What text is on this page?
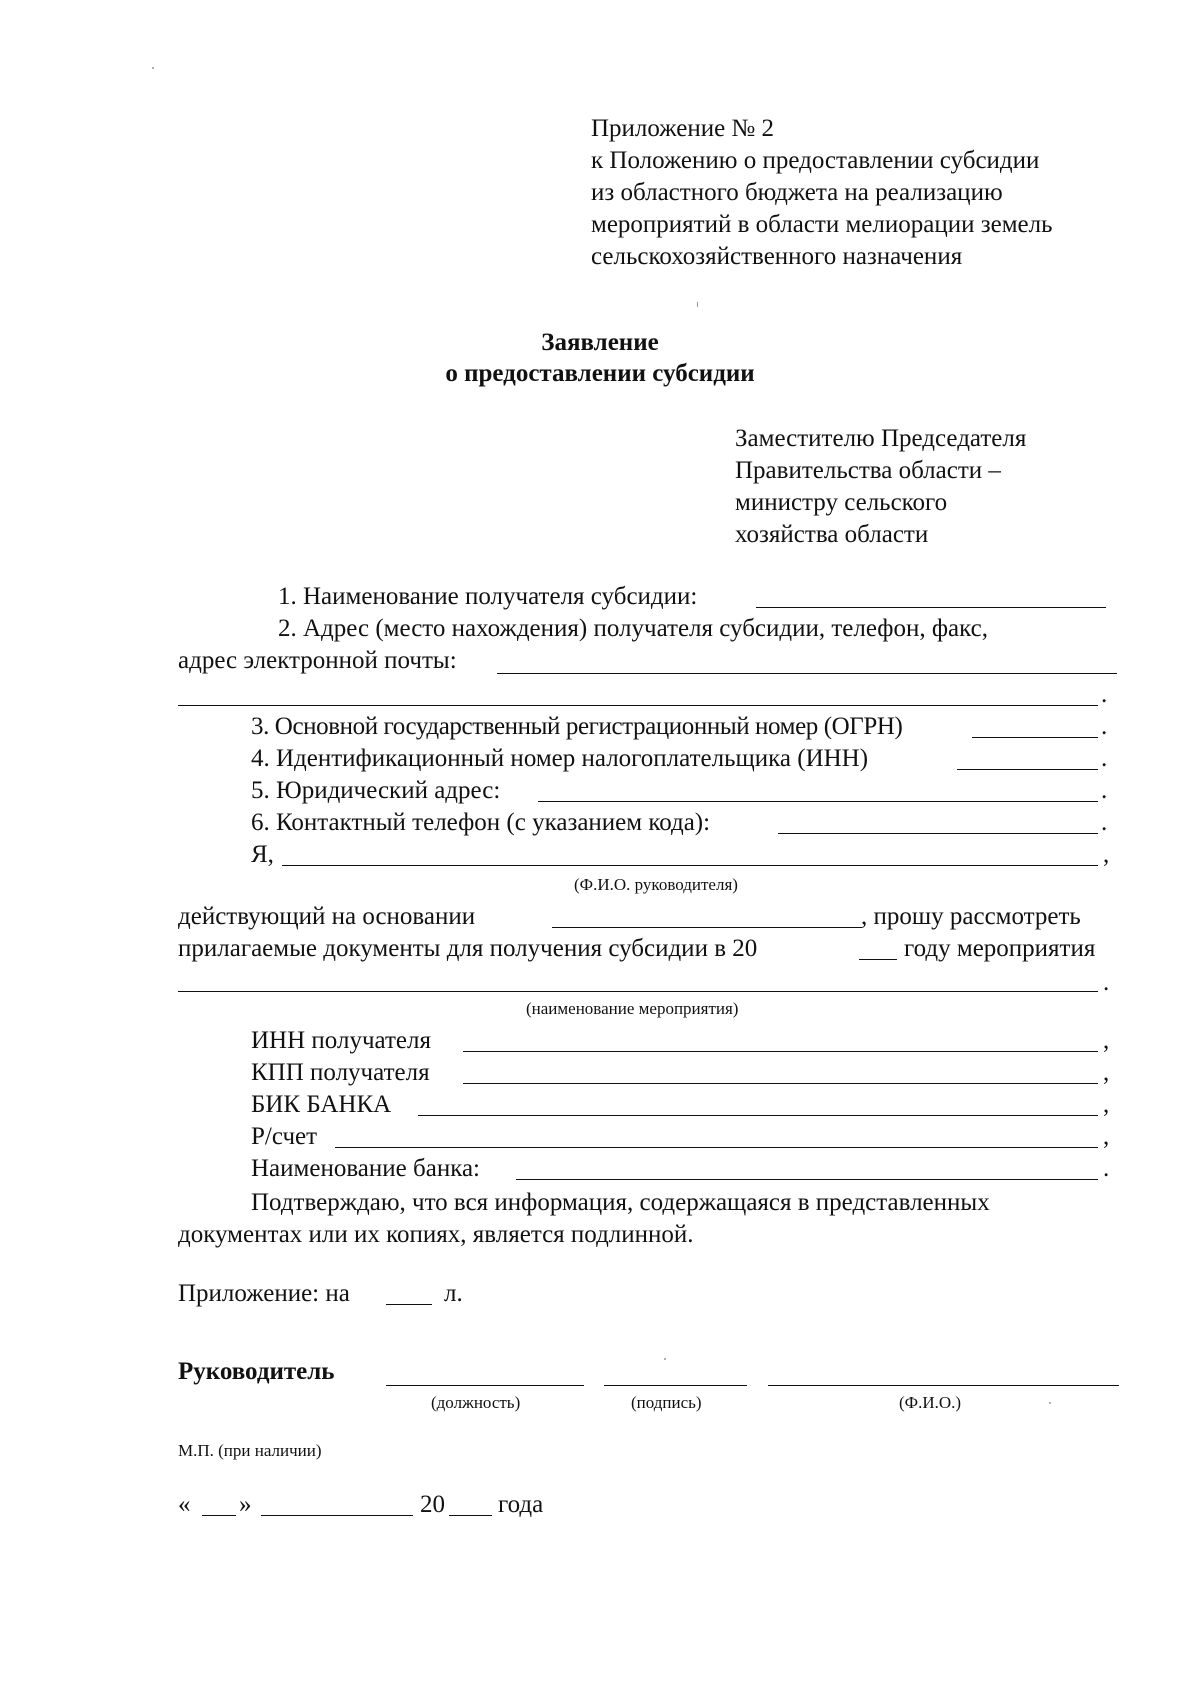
Приложение № 2
к Положению о предоставлении субсидии
из областного бюджета на реализацию
мероприятий в области мелиорации земель
сельскохозяйственного назначения
Заявление
о предоставлении субсидии
Заместителю Председателя
Правительства области –
министру сельского
хозяйства области
1. Наименование получателя субсидии:
2. Адрес (место нахождения) получателя субсидии, телефон, факс,
адрес электронной почты:
.
3. Основной государственный регистрационный номер (ОГРН)	.
4. Идентификационный номер налогоплательщика (ИНН)	.
5. Юридический адрес:	.
6. Контактный телефон (с указанием кода):	.
Я,	,
(Ф.И.О. руководителя)
действующий на основании	, прошу рассмотреть
прилагаемые документы для получения субсидии в 20	году мероприятия
.
(наименование мероприятия)
ИНН получателя	,
КПП получателя	,
БИК БАНКА	,
Р/счет	,
Наименование банка:	.
Подтверждаю, что вся информация, содержащаяся в представленных
документах или их копиях, является подлинной.
Приложение: на	л.
Руководитель
(должность)	(подпись)	(Ф.И.О.)
М.П. (при наличии)
« »	20 года
